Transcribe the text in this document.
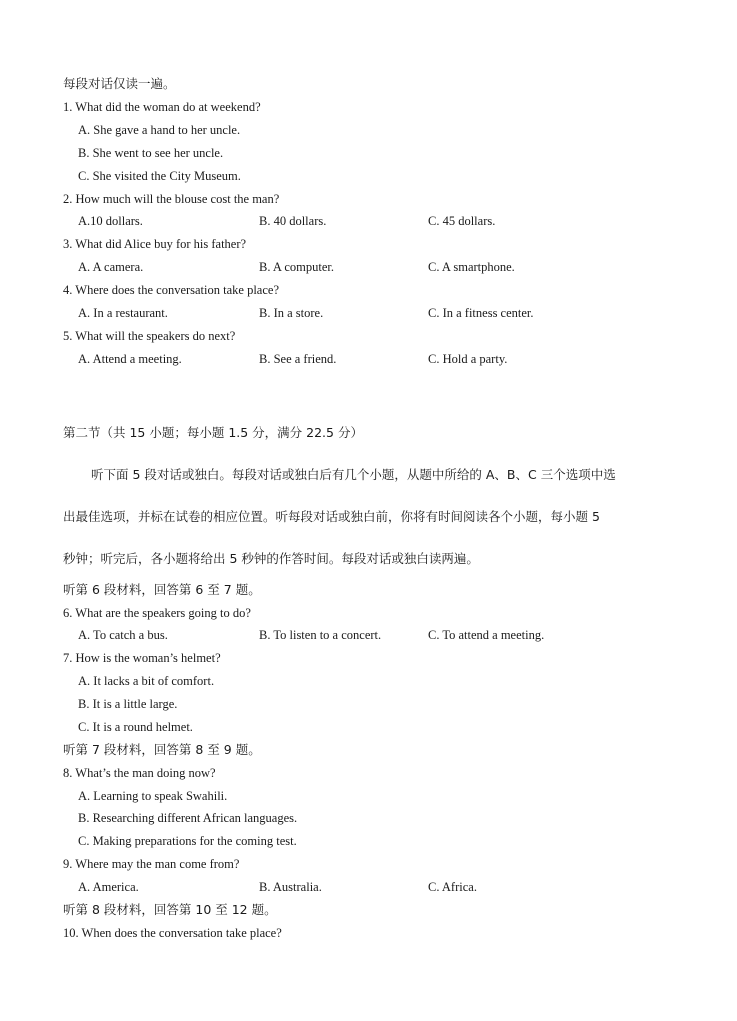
每段对话仅读一遍。
1. What did the woman do at weekend?
A. She gave a hand to her uncle.
B. She went to see her uncle.
C. She visited the City Museum.
2. How much will the blouse cost the man?
A.10 dollars.	B. 40 dollars.	C. 45 dollars.
3. What did Alice buy for his father?
A. A camera.	B. A computer.	C. A smartphone.
4. Where does the conversation take place?
A. In a restaurant.	B. In a store.	C. In a fitness center.
5. What will the speakers do next?
A. Attend a meeting.	B. See a friend.	C. Hold a party.
第二节（共 15 小题；每小题 1.5 分，满分 22.5 分）
听下面 5 段对话或独白。每段对话或独白后有几个小题，从题中所给的 A、B、C 三个选项中选
出最佳选项，并标在试卷的相应位置。听每段对话或独白前，你将有时间阅读各个小题，每小题 5
秒钟；听完后，各小题将给出 5 秒钟的作答时间。每段对话或独白读两遍。
听第 6 段材料，回答第 6 至 7 题。
6. What are the speakers going to do?
A. To catch a bus.	B. To listen to a concert.	C. To attend a meeting.
7. How is the woman’s helmet?
A. It lacks a bit of comfort.
B. It is a little large.
C. It is a round helmet.
听第 7 段材料，回答第 8 至 9 题。
8. What’s the man doing now?
A. Learning to speak Swahili.
B. Researching different African languages.
C. Making preparations for the coming test.
9. Where may the man come from?
A. America.	B. Australia.	C. Africa.
听第 8 段材料，回答第 10 至 12 题。
10. When does the conversation take place?
